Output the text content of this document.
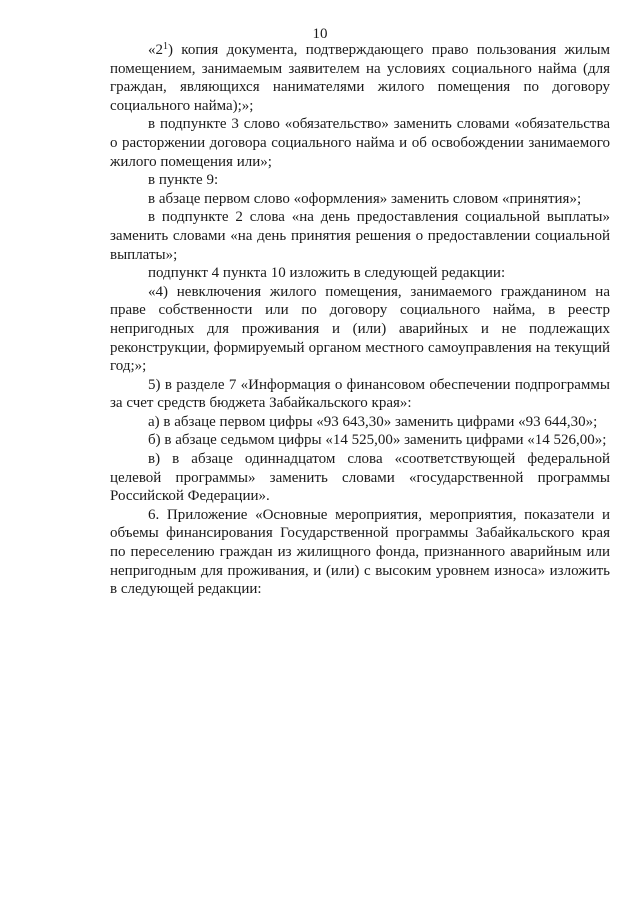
10

«$2^1$) копия документа, подтверждающего право пользования жилым помещением, занимаемым заявителем на условиях социального найма (для граждан, являющихся нанимателями жилого помещения по договору социального найма);»;

в подпункте 3 слово «обязательство» заменить словами «обязательства о расторжении договора социального найма и об освобождении занимаемого жилого помещения или»;

в пункте 9:

в абзаце первом слово «оформления» заменить словом «принятия»;

в подпункте 2 слова «на день предоставления социальной выплаты» заменить словами «на день принятия решения о предоставлении социальной выплаты»;

подпункт 4 пункта 10 изложить в следующей редакции:

«4) невключения жилого помещения, занимаемого гражданином на праве собственности или по договору социального найма, в реестр непригодных для проживания и (или) аварийных и не подлежащих реконструкции, формируемый органом местного самоуправления на текущий год;»;

5) в разделе 7 «Информация о финансовом обеспечении подпрограммы за счет средств бюджета Забайкальского края»:

а) в абзаце первом цифры «93 643,30» заменить цифрами «93 644,30»;

б) в абзаце седьмом цифры «14 525,00» заменить цифрами «14 526,00»;

в) в абзаце одиннадцатом слова «соответствующей федеральной целевой программы» заменить словами «государственной программы Российской Федерации».

6. Приложение «Основные мероприятия, мероприятия, показатели и объемы финансирования Государственной программы Забайкальского края по переселению граждан из жилищного фонда, признанного аварийным или непригодным для проживания, и (или) с высоким уровнем износа» изложить в следующей редакции:
